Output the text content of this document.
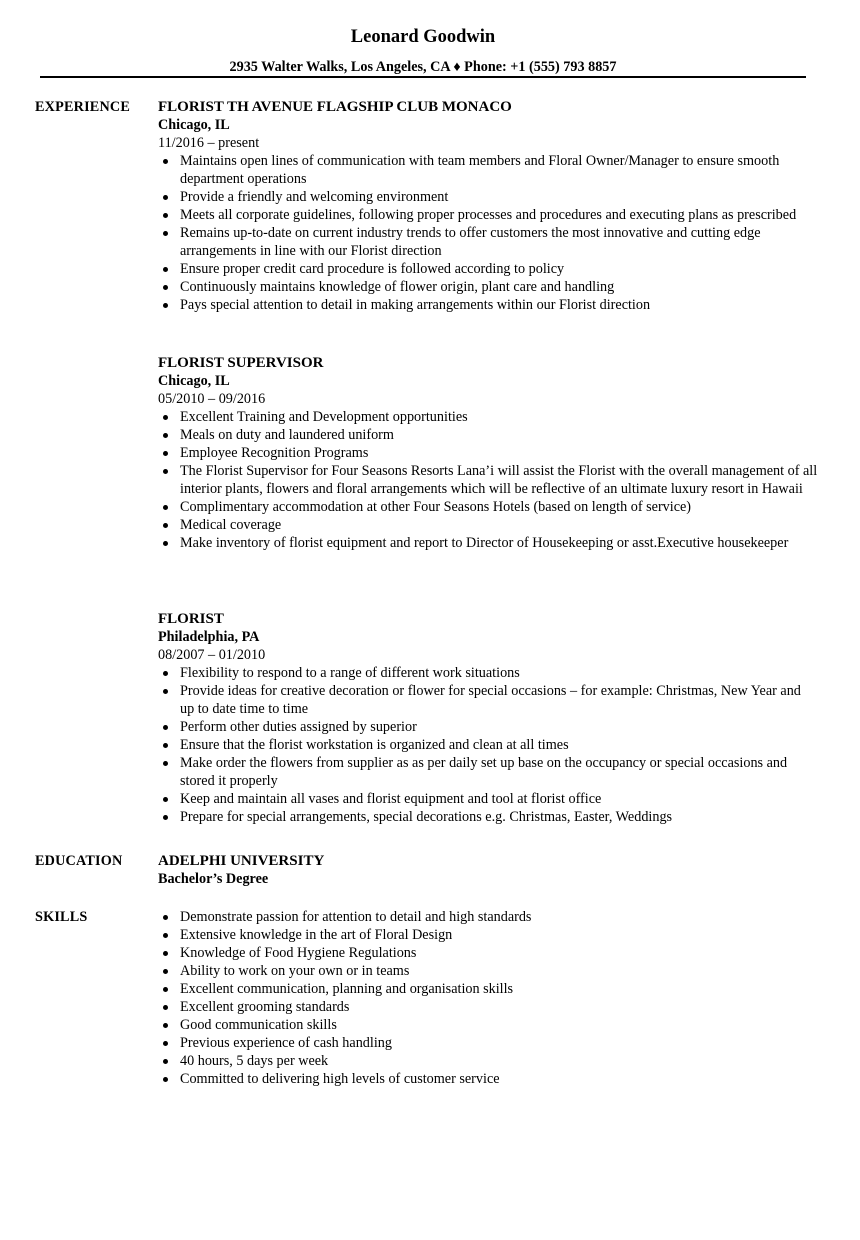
Leonard Goodwin
2935 Walter Walks, Los Angeles, CA ♦ Phone: +1 (555) 793 8857
EXPERIENCE FLORIST TH AVENUE FLAGSHIP CLUB MONACO
Chicago, IL
11/2016 – present
Maintains open lines of communication with team members and Floral Owner/Manager to ensure smooth department operations
Provide a friendly and welcoming environment
Meets all corporate guidelines, following proper processes and procedures and executing plans as prescribed
Remains up-to-date on current industry trends to offer customers the most innovative and cutting edge arrangements in line with our Florist direction
Ensure proper credit card procedure is followed according to policy
Continuously maintains knowledge of flower origin, plant care and handling
Pays special attention to detail in making arrangements within our Florist direction
FLORIST SUPERVISOR
Chicago, IL
05/2010 – 09/2016
Excellent Training and Development opportunities
Meals on duty and laundered uniform
Employee Recognition Programs
The Florist Supervisor for Four Seasons Resorts Lana’i will assist the Florist with the overall management of all interior plants, flowers and floral arrangements which will be reflective of an ultimate luxury resort in Hawaii
Complimentary accommodation at other Four Seasons Hotels (based on length of service)
Medical coverage
Make inventory of florist equipment and report to Director of Housekeeping or asst.Executive housekeeper
FLORIST
Philadelphia, PA
08/2007 – 01/2010
Flexibility to respond to a range of different work situations
Provide ideas for creative decoration or flower for special occasions – for example: Christmas, New Year and up to date time to time
Perform other duties assigned by superior
Ensure that the florist workstation is organized and clean at all times
Make order the flowers from supplier as as per daily set up base on the occupancy or special occasions and stored it properly
Keep and maintain all vases and florist equipment and tool at florist office
Prepare for special arrangements, special decorations e.g. Christmas, Easter, Weddings
EDUCATION ADELPHI UNIVERSITY
Bachelor’s Degree
SKILLS	Demonstrate passion for attention to detail and high standards
Extensive knowledge in the art of Floral Design
Knowledge of Food Hygiene Regulations
Ability to work on your own or in teams
Excellent communication, planning and organisation skills
Excellent grooming standards
Good communication skills
Previous experience of cash handling
40 hours, 5 days per week
Committed to delivering high levels of customer service
